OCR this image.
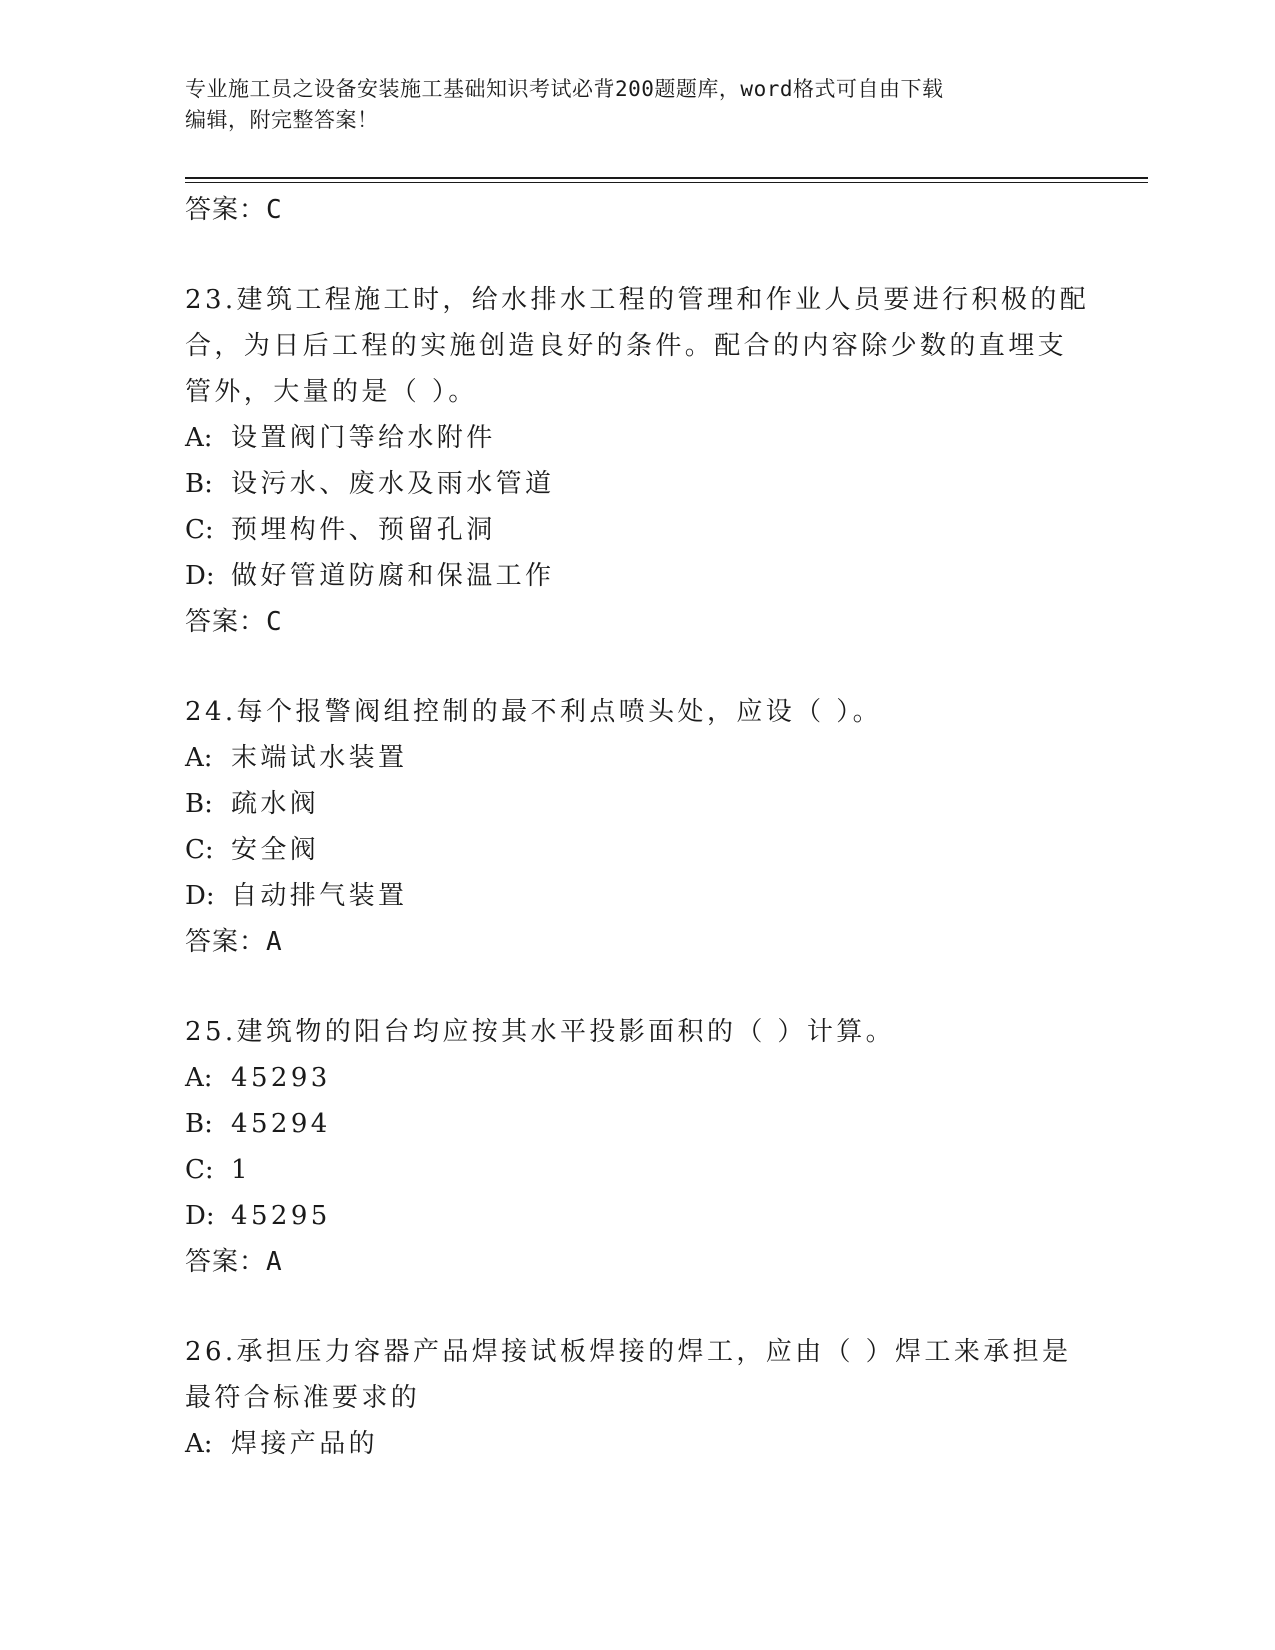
专业施工员之设备安装施工基础知识考试必背200题题库，word格式可自由下载
编辑，附完整答案！
答案：C
23.建筑工程施工时，给水排水工程的管理和作业人员要进行积极的配
合，为日后工程的实施创造良好的条件。配合的内容除少数的直埋支
管外，大量的是（ ）。
A: 设置阀门等给水附件
B: 设污水、废水及雨水管道
C: 预埋构件、预留孔洞
D: 做好管道防腐和保温工作
答案：C
24.每个报警阀组控制的最不利点喷头处，应设（ ）。
A: 末端试水装置
B: 疏水阀
C: 安全阀
D: 自动排气装置
答案：A
25.建筑物的阳台均应按其水平投影面积的（ ）计算。
A: 45293
B: 45294
C: 1
D: 45295
答案：A
26.承担压力容器产品焊接试板焊接的焊工，应由（ ）焊工来承担是
最符合标准要求的
A: 焊接产品的
